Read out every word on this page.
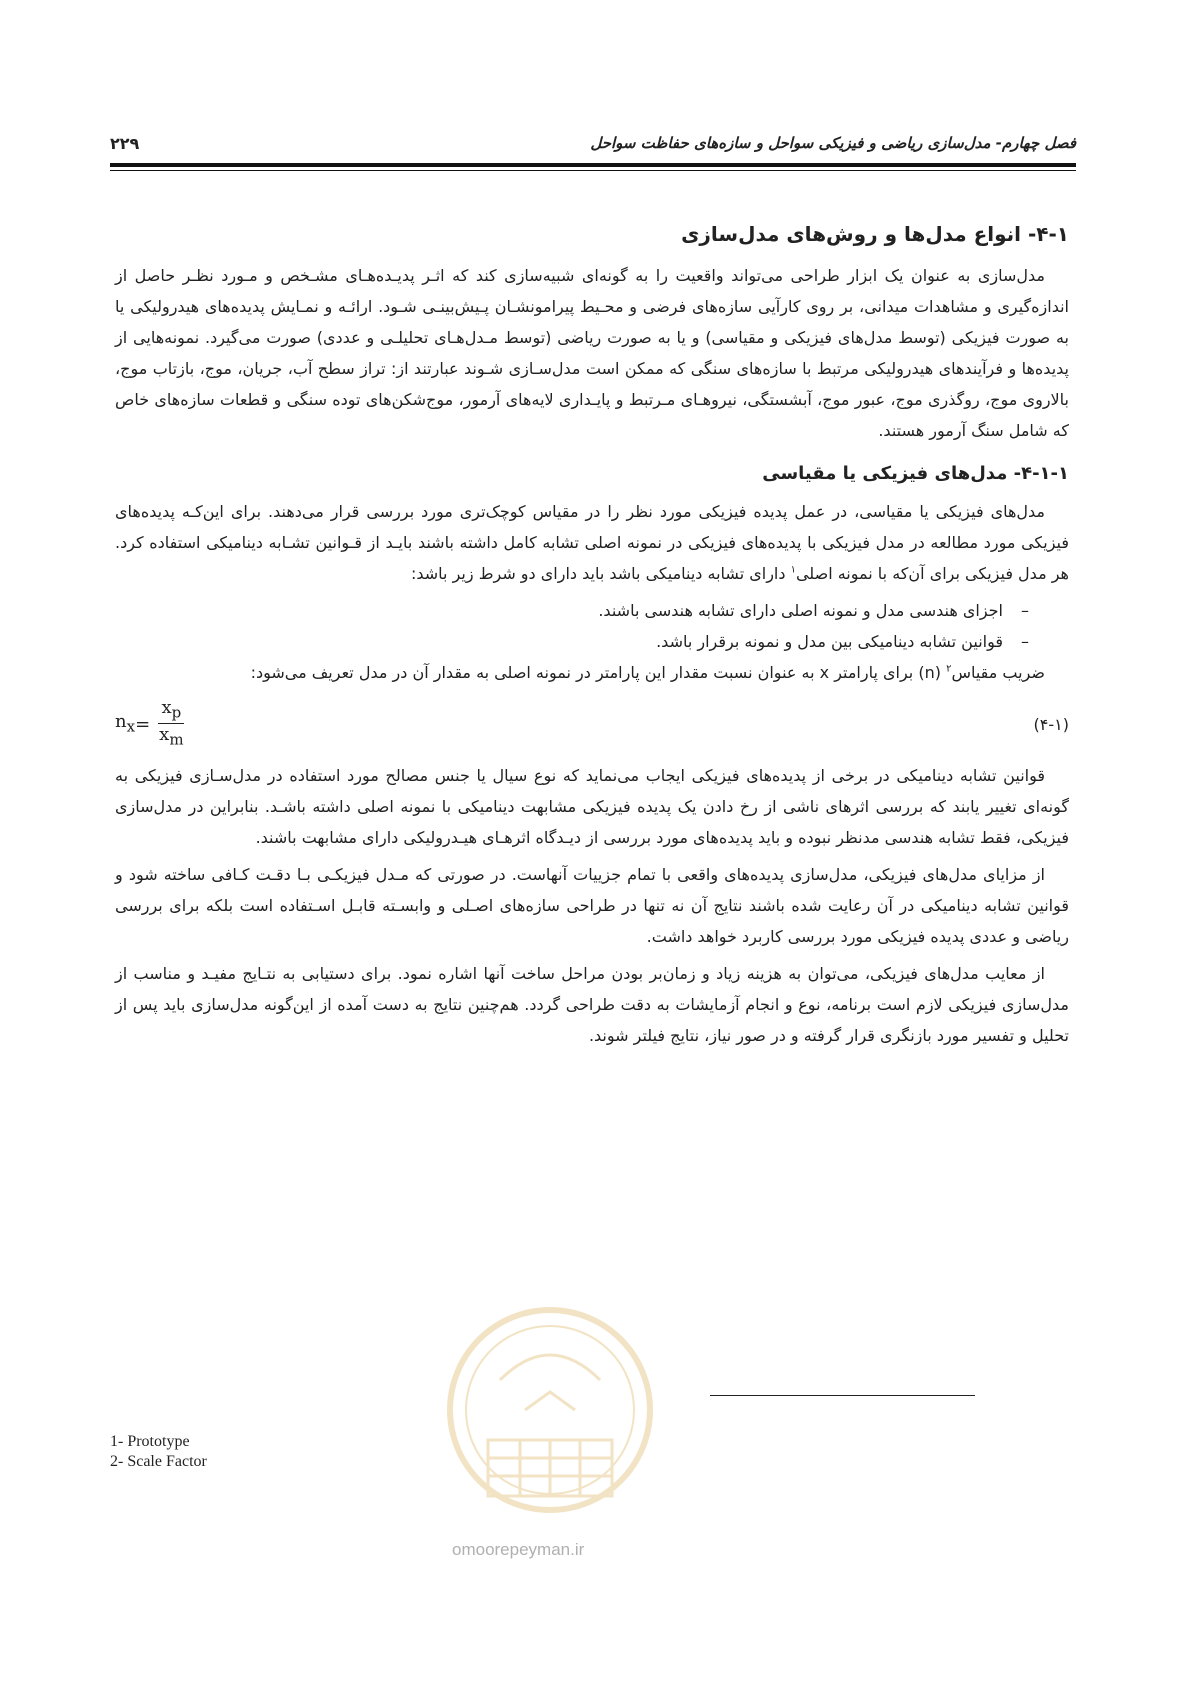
فصل چهارم- مدل‌سازی ریاضی و فیزیکی سواحل و سازه‌های حفاظت سواحل
۲۲۹
۴-۱- انواع مدل‌ها و روش‌های مدل‌سازی

مدل‌سازی به عنوان یک ابزار طراحی می‌تواند واقعیت را به گونه‌ای شبیه‌سازی کند که اثـر پدیـده‌هـای مشـخص و مـورد نظـر حاصل از اندازه‌گیری و مشاهدات میدانی، بر روی کارآیی سازه‌های فرضی و محـیط پیرامونشـان پـیش‌بینـی شـود. ارائـه و نمـایش پدیده‌های هیدرولیکی یا به صورت فیزیکی (توسط مدل‌های فیزیکی و مقیاسی) و یا به صورت ریاضی (توسط مـدل‌هـای تحلیلـی و عددی) صورت می‌گیرد. نمونه‌هایی از پدیده‌ها و فرآیندهای هیدرولیکی مرتبط با سازه‌های سنگی که ممکن است مدل‌سـازی شـوند عبارتند از: تراز سطح آب، جریان، موج، بازتاب موج، بالاروی موج، روگذری موج، عبور موج، آبشستگی، نیروهـای مـرتبط و پایـداری لایه‌های آرمور، موج‌شکن‌های توده سنگی و قطعات سازه‌های خاص که شامل سنگ آرمور هستند.

۴-۱-۱- مدل‌های فیزیکی یا مقیاسی

مدل‌های فیزیکی یا مقیاسی، در عمل پدیده فیزیکی مورد نظر را در مقیاس کوچک‌تری مورد بررسی قرار می‌دهند. برای این‌کـه پدیده‌های فیزیکی مورد مطالعه در مدل فیزیکی با پدیده‌های فیزیکی در نمونه اصلی تشابه کامل داشته باشند بایـد از قـوانین تشـابه دینامیکی استفاده کرد. هر مدل فیزیکی برای آن‌که با نمونه اصلی$^۱$ دارای تشابه دینامیکی باشد باید دارای دو شرط زیر باشد:

–
اجزای هندسی مدل و نمونه اصلی دارای تشابه هندسی باشند.
–
قوانین تشابه دینامیکی بین مدل و نمونه برقرار باشد.

ضریب مقیاس$^۲$ (n) برای پارامتر x به عنوان نسبت مقدار این پارامتر در نمونه اصلی به مقدار آن در مدل تعریف می‌شود:

$n_x = \frac{x_p}{x_m}$	(۴-۱)

قوانین تشابه دینامیکی در برخی از پدیده‌های فیزیکی ایجاب می‌نماید که نوع سیال یا جنس مصالح مورد استفاده در مدل‌سـازی فیزیکی به گونه‌ای تغییر یابند که بررسی اثرهای ناشی از رخ دادن یک پدیده فیزیکی مشابهت دینامیکی با نمونه اصلی داشته باشـد. بنابراین در مدل‌سازی فیزیکی، فقط تشابه هندسی مدنظر نبوده و باید پدیده‌های مورد بررسی از دیـدگاه اثرهـای هیـدرولیکی دارای مشابهت باشند.

از مزایای مدل‌های فیزیکی، مدل‌سازی پدیده‌های واقعی با تمام جزییات آنهاست. در صورتی که مـدل فیزیکـی بـا دقـت کـافی ساخته شود و قوانین تشابه دینامیکی در آن رعایت شده باشند نتایج آن نه تنها در طراحی سازه‌های اصـلی و وابسـته قابـل اسـتفاده است بلکه برای بررسی ریاضی و عددی پدیده فیزیکی مورد بررسی کاربرد خواهد داشت.

از معایب مدل‌های فیزیکی، می‌توان به هزینه زیاد و زمان‌بر بودن مراحل ساخت آنها اشاره نمود. برای دستیابی به نتـایج مفیـد و مناسب از مدل‌سازی فیزیکی لازم است برنامه، نوع و انجام آزمایشات به دقت طراحی گردد. هم‌چنین نتایج به دست آمده از این‌گونه مدل‌سازی باید پس از تحلیل و تفسیر مورد بازنگری قرار گرفته و در صور نیاز، نتایج فیلتر شوند.

omoorepeyman.ir
1- Prototype
2- Scale Factor
